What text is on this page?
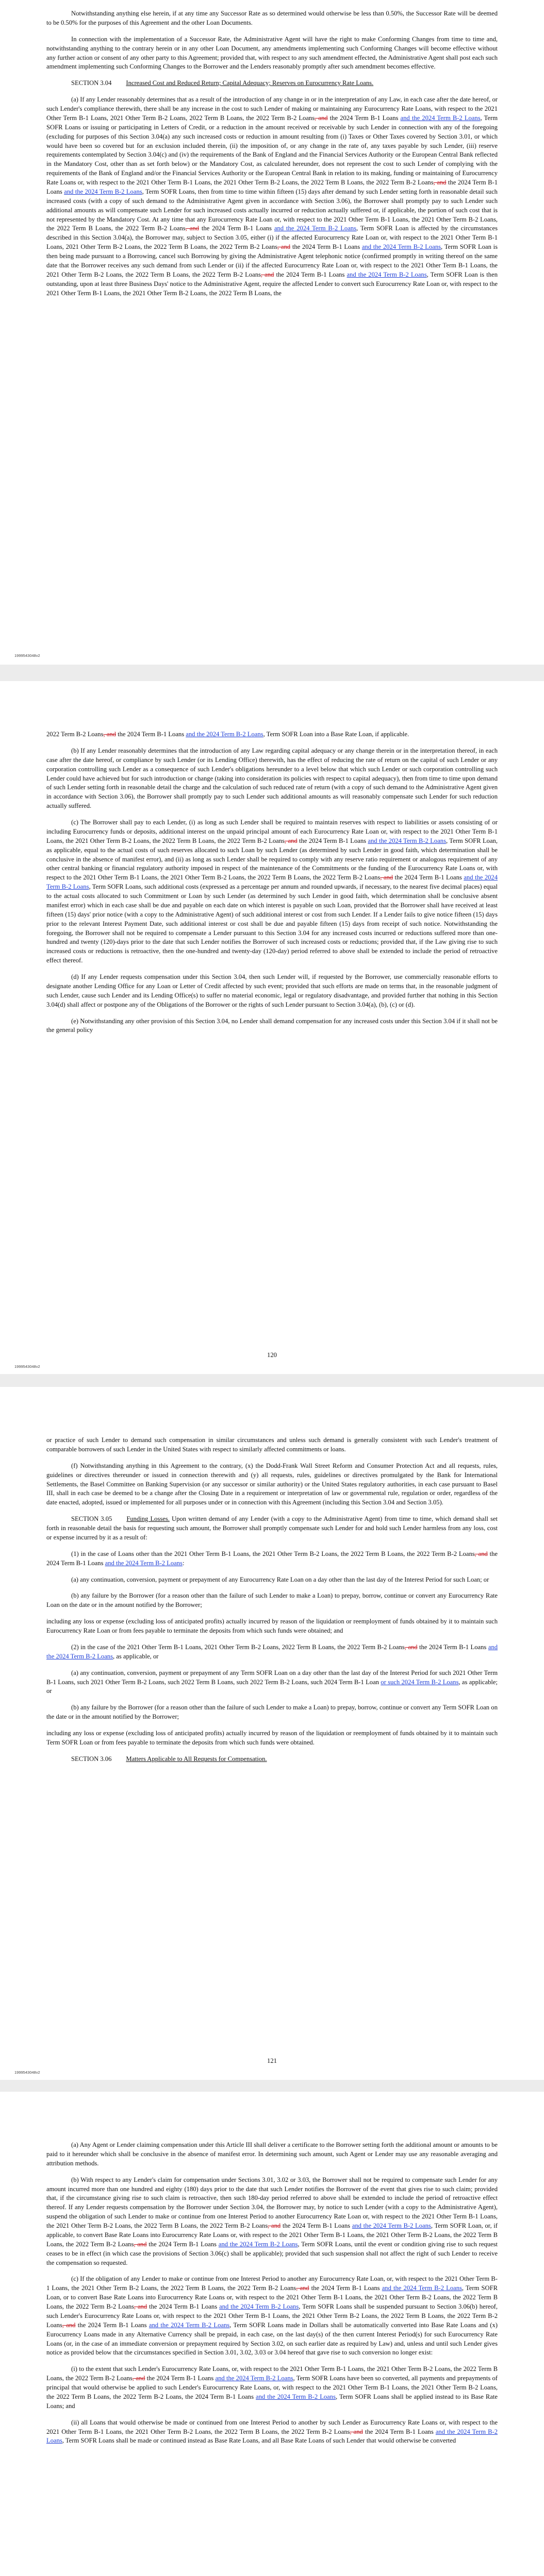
Notwithstanding anything else herein, if at any time any Successor Rate as so determined would otherwise be less than 0.50%, the Successor Rate will be deemed to be 0.50% for the purposes of this Agreement and the other Loan Documents.

In connection with the implementation of a Successor Rate, the Administrative Agent will have the right to make Conforming Changes from time to time and, notwithstanding anything to the contrary herein or in any other Loan Document, any amendments implementing such Conforming Changes will become effective without any further action or consent of any other party to this Agreement; provided that, with respect to any such amendment effected, the Administrative Agent shall post each such amendment implementing such Conforming Changes to the Borrower and the Lenders reasonably promptly after such amendment becomes effective.

SECTION 3.04 Increased Cost and Reduced Return; Capital Adequacy; Reserves on Eurocurrency Rate Loans.

(a) If any Lender reasonably determines that as a result of the introduction of any change in or in the interpretation of any Law, in each case after the date hereof, or such Lender's compliance therewith, there shall be any increase in the cost to such Lender of making or maintaining any Eurocurrency Rate Loans, with respect to the 2021 Other Term B-1 Loans, 2021 Other Term B-2 Loans, 2022 Term B Loans, the 2022 Term B-2 Loans, and the 2024 Term B-1 Loans and the 2024 Term B-2 Loans, Term SOFR Loans or issuing or participating in Letters of Credit, or a reduction in the amount received or receivable by such Lender in connection with any of the foregoing (excluding for purposes of this Section 3.04(a) any such increased costs or reduction in amount resulting from (i) Taxes or Other Taxes covered by Section 3.01, or which would have been so covered but for an exclusion included therein, (ii) the imposition of, or any change in the rate of, any taxes payable by such Lender, (iii) reserve requirements contemplated by Section 3.04(c) and (iv) the requirements of the Bank of England and the Financial Services Authority or the European Central Bank reflected in the Mandatory Cost, other than as set forth below) or the Mandatory Cost, as calculated hereunder, does not represent the cost to such Lender of complying with the requirements of the Bank of England and/or the Financial Services Authority or the European Central Bank in relation to its making, funding or maintaining of Eurocurrency Rate Loans or, with respect to the 2021 Other Term B-1 Loans, the 2021 Other Term B-2 Loans, the 2022 Term B Loans, the 2022 Term B-2 Loans, and the 2024 Term B-1 Loans and the 2024 Term B-2 Loans, Term SOFR Loans, then from time to time within fifteen (15) days after demand by such Lender setting forth in reasonable detail such increased costs (with a copy of such demand to the Administrative Agent given in accordance with Section 3.06), the Borrower shall promptly pay to such Lender such additional amounts as will compensate such Lender for such increased costs actually incurred or reduction actually suffered or, if applicable, the portion of such cost that is not represented by the Mandatory Cost. At any time that any Eurocurrency Rate Loan or, with respect to the 2021 Other Term B-1 Loans, the 2021 Other Term B-2 Loans, the 2022 Term B Loans, the 2022 Term B-2 Loans, and the 2024 Term B-1 Loans and the 2024 Term B-2 Loans, Term SOFR Loan is affected by the circumstances described in this Section 3.04(a), the Borrower may, subject to Section 3.05, either (i) if the affected Eurocurrency Rate Loan or, with respect to the 2021 Other Term B-1 Loans, 2021 Other Term B-2 Loans, the 2022 Term B Loans, the 2022 Term B-2 Loans, and the 2024 Term B-1 Loans and the 2024 Term B-2 Loans, Term SOFR Loan is then being made pursuant to a Borrowing, cancel such Borrowing by giving the Administrative Agent telephonic notice (confirmed promptly in writing thereof on the same date that the Borrower receives any such demand from such Lender or (ii) if the affected Eurocurrency Rate Loan or, with respect to the 2021 Other Term B-1 Loans, the 2021 Other Term B-2 Loans, the 2022 Term B Loans, the 2022 Term B-2 Loans, and the 2024 Term B-1 Loans and the 2024 Term B-2 Loans, Term SOFR Loan is then outstanding, upon at least three Business Days' notice to the Administrative Agent, require the affected Lender to convert such Eurocurrency Rate Loan or, with respect to the 2021 Other Term B-1 Loans, the 2021 Other Term B-2 Loans, the 2022 Term B Loans, the

1999543048v2

2022 Term B-2 Loans, and the 2024 Term B-1 Loans and the 2024 Term B-2 Loans, Term SOFR Loan into a Base Rate Loan, if applicable.

(b) If any Lender reasonably determines that the introduction of any Law regarding capital adequacy or any change therein or in the interpretation thereof, in each case after the date hereof, or compliance by such Lender (or its Lending Office) therewith, has the effect of reducing the rate of return on the capital of such Lender or any corporation controlling such Lender as a consequence of such Lender's obligations hereunder to a level below that which such Lender or such corporation controlling such Lender could have achieved but for such introduction or change (taking into consideration its policies with respect to capital adequacy), then from time to time upon demand of such Lender setting forth in reasonable detail the charge and the calculation of such reduced rate of return (with a copy of such demand to the Administrative Agent given in accordance with Section 3.06), the Borrower shall promptly pay to such Lender such additional amounts as will reasonably compensate such Lender for such reduction actually suffered.

(c) The Borrower shall pay to each Lender, (i) as long as such Lender shall be required to maintain reserves with respect to liabilities or assets consisting of or including Eurocurrency funds or deposits, additional interest on the unpaid principal amount of each Eurocurrency Rate Loan or, with respect to the 2021 Other Term B-1 Loans, the 2021 Other Term B-2 Loans, the 2022 Term B Loans, the 2022 Term B-2 Loans, and the 2024 Term B-1 Loans and the 2024 Term B-2 Loans, Term SOFR Loan, as applicable, equal to the actual costs of such reserves allocated to such Loan by such Lender (as determined by such Lender in good faith, which determination shall be conclusive in the absence of manifest error), and (ii) as long as such Lender shall be required to comply with any reserve ratio requirement or analogous requirement of any other central banking or financial regulatory authority imposed in respect of the maintenance of the Commitments or the funding of the Eurocurrency Rate Loans or, with respect to the 2021 Other Term B-1 Loans, the 2021 Other Term B-2 Loans, the 2022 Term B Loans, the 2022 Term B-2 Loans, and the 2024 Term B-1 Loans and the 2024 Term B-2 Loans, Term SOFR Loans, such additional costs (expressed as a percentage per annum and rounded upwards, if necessary, to the nearest five decimal places) equal to the actual costs allocated to such Commitment or Loan by such Lender (as determined by such Lender in good faith, which determination shall be conclusive absent manifest error) which in each case shall be due and payable on each date on which interest is payable on such Loan, provided that the Borrower shall have received at least fifteen (15) days' prior notice (with a copy to the Administrative Agent) of such additional interest or cost from such Lender. If a Lender fails to give notice fifteen (15) days prior to the relevant Interest Payment Date, such additional interest or cost shall be due and payable fifteen (15) days from receipt of such notice. Notwithstanding the foregoing, the Borrower shall not be required to compensate a Lender pursuant to this Section 3.04 for any increased costs incurred or reductions suffered more than one-hundred and twenty (120)-days prior to the date that such Lender notifies the Borrower of such increased costs or reductions; provided that, if the Law giving rise to such increased costs or reductions is retroactive, then the one-hundred and twenty-day (120-day) period referred to above shall be extended to include the period of retroactive effect thereof.

(d) If any Lender requests compensation under this Section 3.04, then such Lender will, if requested by the Borrower, use commercially reasonable efforts to designate another Lending Office for any Loan or Letter of Credit affected by such event; provided that such efforts are made on terms that, in the reasonable judgment of such Lender, cause such Lender and its Lending Office(s) to suffer no material economic, legal or regulatory disadvantage, and provided further that nothing in this Section 3.04(d) shall affect or postpone any of the Obligations of the Borrower or the rights of such Lender pursuant to Section 3.04(a), (b), (c) or (d).

(e) Notwithstanding any other provision of this Section 3.04, no Lender shall demand compensation for any increased costs under this Section 3.04 if it shall not be the general policy

120
1999543048v2

or practice of such Lender to demand such compensation in similar circumstances and unless such demand is generally consistent with such Lender's treatment of comparable borrowers of such Lender in the United States with respect to similarly affected commitments or loans.

(f) Notwithstanding anything in this Agreement to the contrary, (x) the Dodd-Frank Wall Street Reform and Consumer Protection Act and all requests, rules, guidelines or directives thereunder or issued in connection therewith and (y) all requests, rules, guidelines or directives promulgated by the Bank for International Settlements, the Basel Committee on Banking Supervision (or any successor or similar authority) or the United States regulatory authorities, in each case pursuant to Basel III, shall in each case be deemed to be a change after the Closing Date in a requirement or interpretation of law or governmental rule, regulation or order, regardless of the date enacted, adopted, issued or implemented for all purposes under or in connection with this Agreement (including this Section 3.04 and Section 3.05).

SECTION 3.05 Funding Losses. Upon written demand of any Lender (with a copy to the Administrative Agent) from time to time, which demand shall set forth in reasonable detail the basis for requesting such amount, the Borrower shall promptly compensate such Lender for and hold such Lender harmless from any loss, cost or expense incurred by it as a result of:

(1) in the case of Loans other than the 2021 Other Term B-1 Loans, the 2021 Other Term B-2 Loans, the 2022 Term B Loans, the 2022 Term B-2 Loans, and the 2024 Term B-1 Loans and the 2024 Term B-2 Loans:

(a) any continuation, conversion, payment or prepayment of any Eurocurrency Rate Loan on a day other than the last day of the Interest Period for such Loan; or

(b) any failure by the Borrower (for a reason other than the failure of such Lender to make a Loan) to prepay, borrow, continue or convert any Eurocurrency Rate Loan on the date or in the amount notified by the Borrower;

including any loss or expense (excluding loss of anticipated profits) actually incurred by reason of the liquidation or reemployment of funds obtained by it to maintain such Eurocurrency Rate Loan or from fees payable to terminate the deposits from which such funds were obtained; and

(2) in the case of the 2021 Other Term B-1 Loans, 2021 Other Term B-2 Loans, 2022 Term B Loans, the 2022 Term B-2 Loans, and the 2024 Term B-1 Loans and the 2024 Term B-2 Loans, as applicable, or

(a) any continuation, conversion, payment or prepayment of any Term SOFR Loan on a day other than the last day of the Interest Period for such 2021 Other Term B-1 Loans, such 2021 Other Term B-2 Loans, such 2022 Term B Loans, such 2022 Term B-2 Loans, such 2024 Term B-1 Loan or such 2024 Term B-2 Loans, as applicable; or

(b) any failure by the Borrower (for a reason other than the failure of such Lender to make a Loan) to prepay, borrow, continue or convert any Term SOFR Loan on the date or in the amount notified by the Borrower;

including any loss or expense (excluding loss of anticipated profits) actually incurred by reason of the liquidation or reemployment of funds obtained by it to maintain such Term SOFR Loan or from fees payable to terminate the deposits from which such funds were obtained.

SECTION 3.06 Matters Applicable to All Requests for Compensation.

121
1999543048v2

(a) Any Agent or Lender claiming compensation under this Article III shall deliver a certificate to the Borrower setting forth the additional amount or amounts to be paid to it hereunder which shall be conclusive in the absence of manifest error. In determining such amount, such Agent or Lender may use any reasonable averaging and attribution methods.

(b) With respect to any Lender's claim for compensation under Sections 3.01, 3.02 or 3.03, the Borrower shall not be required to compensate such Lender for any amount incurred more than one hundred and eighty (180) days prior to the date that such Lender notifies the Borrower of the event that gives rise to such claim; provided that, if the circumstance giving rise to such claim is retroactive, then such 180-day period referred to above shall be extended to include the period of retroactive effect thereof. If any Lender requests compensation by the Borrower under Section 3.04, the Borrower may, by notice to such Lender (with a copy to the Administrative Agent), suspend the obligation of such Lender to make or continue from one Interest Period to another Eurocurrency Rate Loan or, with respect to the 2021 Other Term B-1 Loans, the 2021 Other Term B-2 Loans, the 2022 Term B Loans, the 2022 Term B-2 Loans, and the 2024 Term B-1 Loans and the 2024 Term B-2 Loans, Term SOFR Loan, or, if applicable, to convert Base Rate Loans into Eurocurrency Rate Loans or, with respect to the 2021 Other Term B-1 Loans, the 2021 Other Term B-2 Loans, the 2022 Term B Loans, the 2022 Term B-2 Loans, and the 2024 Term B-1 Loans and the 2024 Term B-2 Loans, Term SOFR Loans, until the event or condition giving rise to such request ceases to be in effect (in which case the provisions of Section 3.06(c) shall be applicable); provided that such suspension shall not affect the right of such Lender to receive the compensation so requested.

(c) If the obligation of any Lender to make or continue from one Interest Period to another any Eurocurrency Rate Loan, or, with respect to the 2021 Other Term B-1 Loans, the 2021 Other Term B-2 Loans, the 2022 Term B Loans, the 2022 Term B-2 Loans, and the 2024 Term B-1 Loans and the 2024 Term B-2 Loans, Term SOFR Loan, or to convert Base Rate Loans into Eurocurrency Rate Loans or, with respect to the 2021 Other Term B-1 Loans, the 2021 Other Term B-2 Loans, the 2022 Term B Loans, the 2022 Term B-2 Loans, and the 2024 Term B-1 Loans and the 2024 Term B-2 Loans, Term SOFR Loans shall be suspended pursuant to Section 3.06(b) hereof, such Lender's Eurocurrency Rate Loans or, with respect to the 2021 Other Term B-1 Loans, the 2021 Other Term B-2 Loans, the 2022 Term B Loans, the 2022 Term B-2 Loans, and the 2024 Term B-1 Loans and the 2024 Term B-2 Loans, Term SOFR Loans made in Dollars shall be automatically converted into Base Rate Loans and (x) Eurocurrency Loans made in any Alternative Currency shall be prepaid, in each case, on the last day(s) of the then current Interest Period(s) for such Eurocurrency Rate Loans (or, in the case of an immediate conversion or prepayment required by Section 3.02, on such earlier date as required by Law) and, unless and until such Lender gives notice as provided below that the circumstances specified in Section 3.01, 3.02, 3.03 or 3.04 hereof that gave rise to such conversion no longer exist:

(i) to the extent that such Lender's Eurocurrency Rate Loans, or, with respect to the 2021 Other Term B-1 Loans, the 2021 Other Term B-2 Loans, the 2022 Term B Loans, the 2022 Term B-2 Loans, and the 2024 Term B-1 Loans and the 2024 Term B-2 Loans, Term SOFR Loans have been so converted, all payments and prepayments of principal that would otherwise be applied to such Lender's Eurocurrency Rate Loans, or, with respect to the 2021 Other Term B-1 Loans, the 2021 Other Term B-2 Loans, the 2022 Term B Loans, the 2022 Term B-2 Loans, the 2024 Term B-1 Loans and the 2024 Term B-2 Loans, Term SOFR Loans shall be applied instead to its Base Rate Loans; and

(ii) all Loans that would otherwise be made or continued from one Interest Period to another by such Lender as Eurocurrency Rate Loans or, with respect to the 2021 Other Term B-1 Loans, the 2021 Other Term B-2 Loans, the 2022 Term B Loans, the 2022 Term B-2 Loans, and the 2024 Term B-1 Loans and the 2024 Term B-2 Loans, Term SOFR Loans shall be made or continued instead as Base Rate Loans, and all Base Rate Loans of such Lender that would otherwise be converted
